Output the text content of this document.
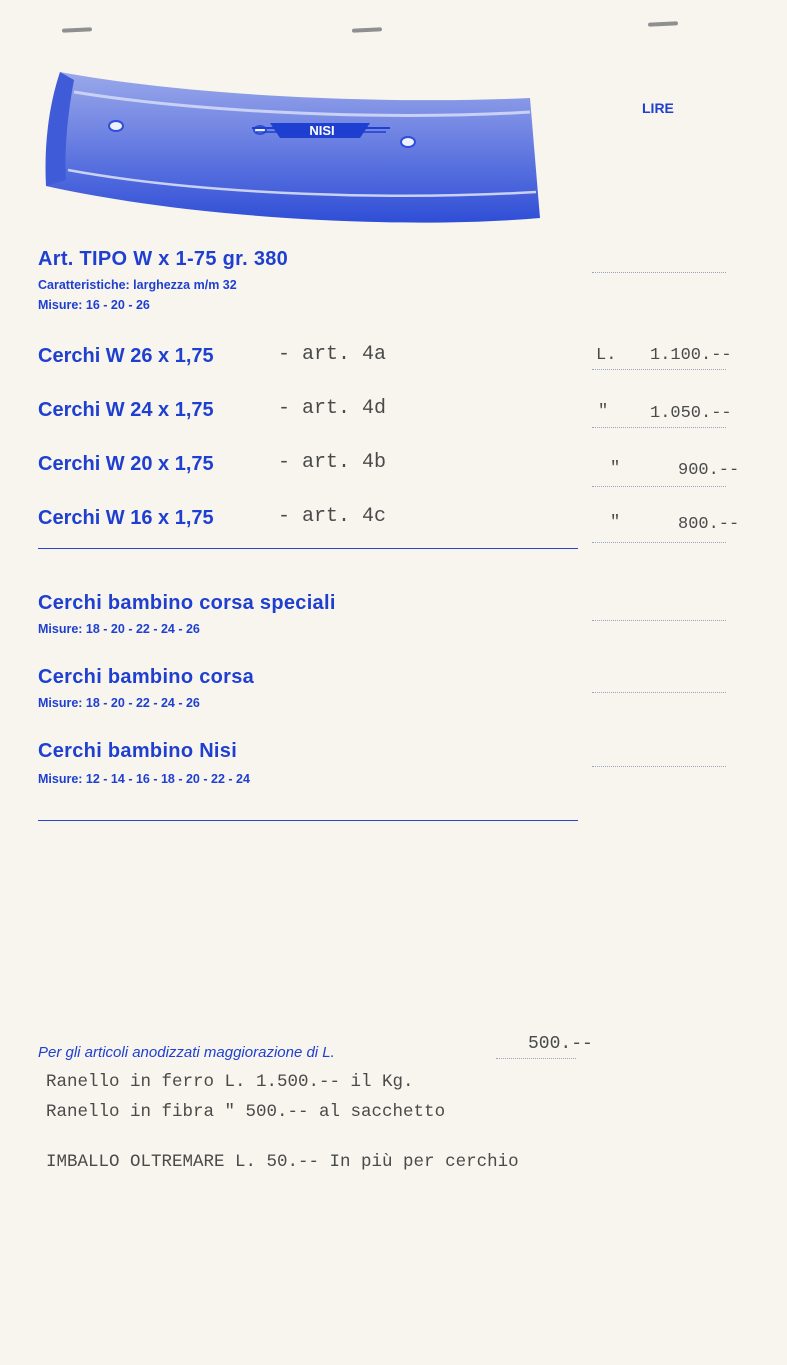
NISI
LIRE
Art. TIPO W x 1-75 gr. 380
Caratteristiche: larghezza m/m 32
Misure: 16 - 20 - 26
Cerchi W 26 x 1,75	- art. 4a	L. 1.100.--
Cerchi W 24 x 1,75	- art. 4d	" 1.050.--
Cerchi W 20 x 1,75	- art. 4b	"	900.--
Cerchi W 16 x 1,75	- art. 4c	"	800.--
Cerchi bambino corsa speciali
Misure: 18 - 20 - 22 - 24 - 26
Cerchi bambino corsa
Misure: 18 - 20 - 22 - 24 - 26
Cerchi bambino Nisi
Misure: 12 - 14 - 16 - 18 - 20 - 22 - 24
Per gli articoli anodizzati maggiorazione di L.	500.--
Ranello in ferro L. 1.500.-- il Kg.
Ranello in fibra " 500.-- al sacchetto
IMBALLO OLTREMARE L. 50.-- In più per cerchio
